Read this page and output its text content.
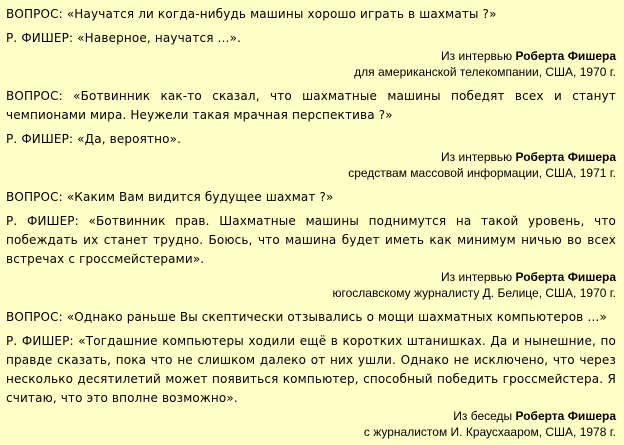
ВОПРОС: «Научатся ли когда-нибудь машины хорошо играть в шахматы ?»

Р. ФИШЕР: «Наверное, научатся …».

Из интервью Роберта Фишера

для американской телекомпании, США, 1970 г.

ВОПРОС: «Ботвинник как-то сказал, что шахматные машины победят всех и станут чемпионами мира. Неужели такая мрачная перспектива ?»

Р. ФИШЕР: «Да, вероятно».

Из интервью Роберта Фишера

средствам массовой информации, США, 1971 г.

ВОПРОС: «Каким Вам видится будущее шахмат ?»

Р. ФИШЕР: «Ботвинник прав. Шахматные машины поднимутся на такой уровень, что побеждать их станет трудно. Боюсь, что машина будет иметь как минимум ничью во всех встречах с гроссмейстерами».

Из интервью Роберта Фишера

югославскому журналисту Д. Белице, США, 1970 г.

ВОПРОС: «Однако раньше Вы скептически отзывались о мощи шахматных компьютеров …»

Р. ФИШЕР: «Тогдашние компьютеры ходили ещё в коротких штанишках. Да и нынешние, по правде сказать, пока что не слишком далеко от них ушли. Однако не исключено, что через несколько десятилетий может появиться компьютер, способный победить гроссмейстера. Я считаю, что это вполне возможно».

Из беседы Роберта Фишера

с журналистом И. Краусхааром, США, 1978 г.
